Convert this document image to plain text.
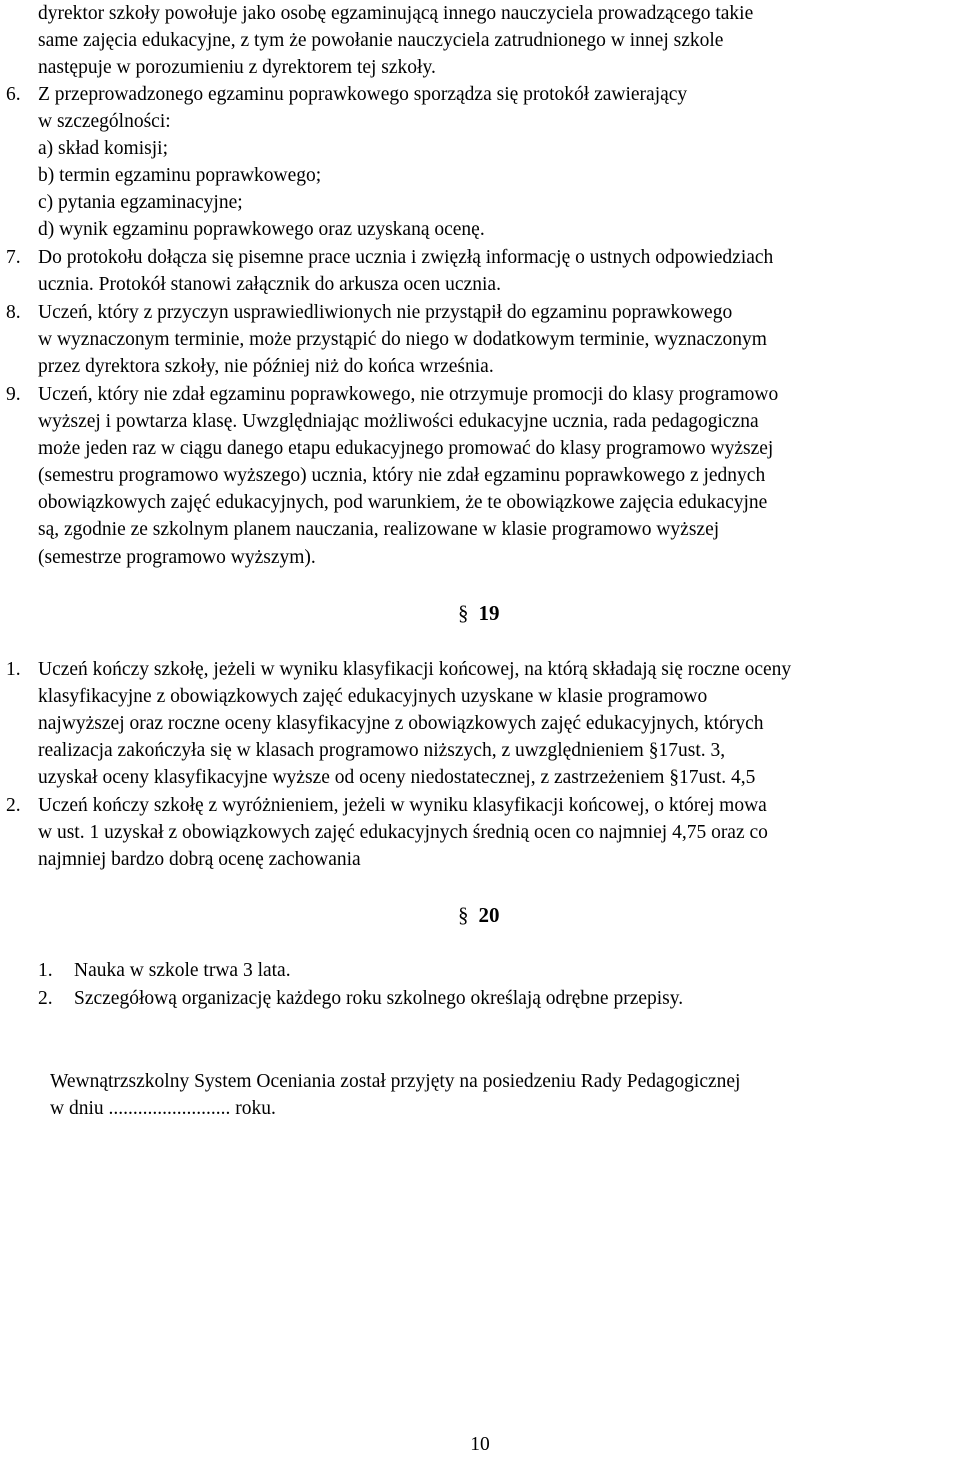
dyrektor szkoły powołuje jako osobę egzaminującą innego nauczyciela prowadzącego takie
same zajęcia edukacyjne, z tym że powołanie nauczyciela zatrudnionego w innej szkole
następuje w porozumieniu z dyrektorem tej szkoły.
6. Z przeprowadzonego egzaminu poprawkowego sporządza się protokół zawierający
w szczególności:
a) skład komisji;
b) termin egzaminu poprawkowego;
c) pytania egzaminacyjne;
d) wynik egzaminu poprawkowego oraz uzyskaną ocenę.
7. Do protokołu dołącza się pisemne prace ucznia i zwięzłą informację o ustnych odpowiedziach
ucznia. Protokół stanowi załącznik do arkusza ocen ucznia.
8. Uczeń, który z przyczyn usprawiedliwionych nie przystąpił do egzaminu poprawkowego
w wyznaczonym terminie, może przystąpić do niego w dodatkowym terminie, wyznaczonym
przez dyrektora szkoły, nie później niż do końca września.
9. Uczeń, który nie zdał egzaminu poprawkowego, nie otrzymuje promocji do klasy programowo
wyższej i powtarza klasę. Uwzględniając możliwości edukacyjne ucznia, rada pedagogiczna
może jeden raz w ciągu danego etapu edukacyjnego promować do klasy programowo wyższej
(semestru programowo wyższego) ucznia, który nie zdał egzaminu poprawkowego z jednych
obowiązkowych zajęć edukacyjnych, pod warunkiem, że te obowiązkowe zajęcia edukacyjne
są, zgodnie ze szkolnym planem nauczania, realizowane w klasie programowo wyższej
(semestrze programowo wyższym).
§ 19
1. Uczeń kończy szkołę, jeżeli w wyniku klasyfikacji końcowej, na którą składają się roczne oceny
klasyfikacyjne z obowiązkowych zajęć edukacyjnych uzyskane w klasie programowo
najwyższej oraz roczne oceny klasyfikacyjne z obowiązkowych zajęć edukacyjnych, których
realizacja zakończyła się w klasach programowo niższych, z uwzględnieniem §17ust. 3,
uzyskał oceny klasyfikacyjne wyższe od oceny niedostatecznej, z zastrzeżeniem §17ust. 4,5
2. Uczeń kończy szkołę z wyróżnieniem, jeżeli w wyniku klasyfikacji końcowej, o której mowa
w ust. 1 uzyskał z obowiązkowych zajęć edukacyjnych średnią ocen co najmniej 4,75 oraz co
najmniej bardzo dobrą ocenę zachowania
§ 20
1. Nauka w szkole trwa 3 lata.
2. Szczegółową organizację każdego roku szkolnego określają odrębne przepisy.
Wewnątrzszkolny System Oceniania został przyjęty na posiedzeniu Rady Pedagogicznej
w dniu ......................... roku.
10
